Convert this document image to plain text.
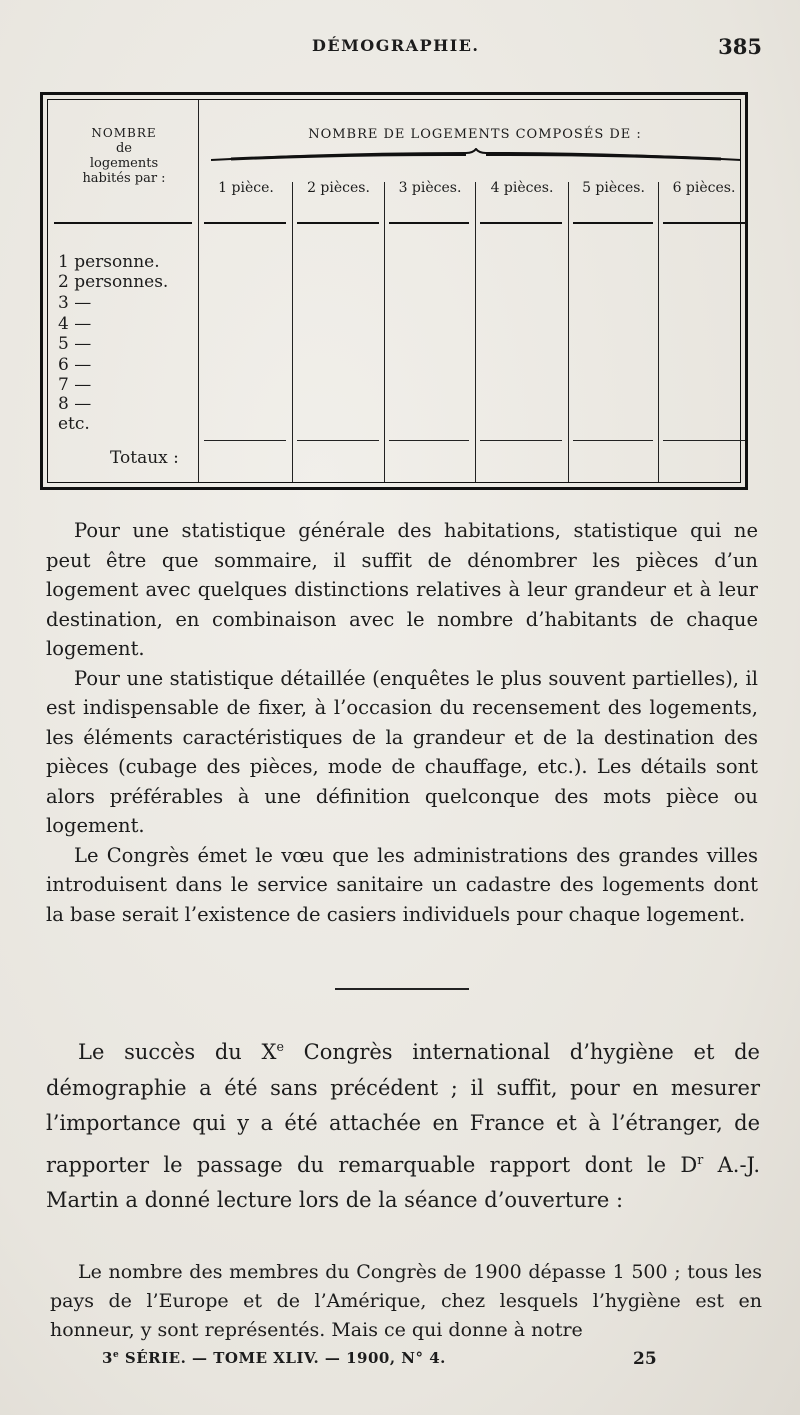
DÉMOGRAPHIE.	385
NOMBRE
de
logements
habités par :
NOMBRE DE LOGEMENTS COMPOSÉS DE :
1 pièce.	2 pièces.	3 pièces.	4 pièces.	5 pièces.	6 pièces.
1 personne.
2 personnes.
3 —
4 —
5 —
6 —
7 —
8 —
etc.
Totaux :

Pour une statistique générale des habitations, statistique qui ne peut être que sommaire, il suffit de dénombrer les pièces d’un logement avec quelques distinctions relatives à leur grandeur et à leur destination, en combinaison avec le nombre d’habitants de chaque logement.

Pour une statistique détaillée (enquêtes le plus souvent partielles), il est indispensable de fixer, à l’occasion du recensement des logements, les éléments caractéristiques de la grandeur et de la destination des pièces (cubage des pièces, mode de chauffage, etc.). Les détails sont alors préférables à une définition quelconque des mots pièce ou logement.

Le Congrès émet le vœu que les administrations des grandes villes introduisent dans le service sanitaire un cadastre des logements dont la base serait l’existence de casiers individuels pour chaque logement.

Le succès du Xe Congrès international d’hygiène et de démographie a été sans précédent ; il suffit, pour en mesurer l’importance qui y a été attachée en France et à l’étranger, de rapporter le passage du remarquable rapport dont le $D^r$ A.-J. Martin a donné lecture lors de la séance d’ouverture :

Le nombre des membres du Congrès de 1900 dépasse 1 500 ; tous les pays de l’Europe et de l’Amérique, chez lesquels l’hygiène est en honneur, y sont représentés. Mais ce qui donne à notre

3e SÉRIE. — TOME XLIV. — 1900, N° 4.	25
